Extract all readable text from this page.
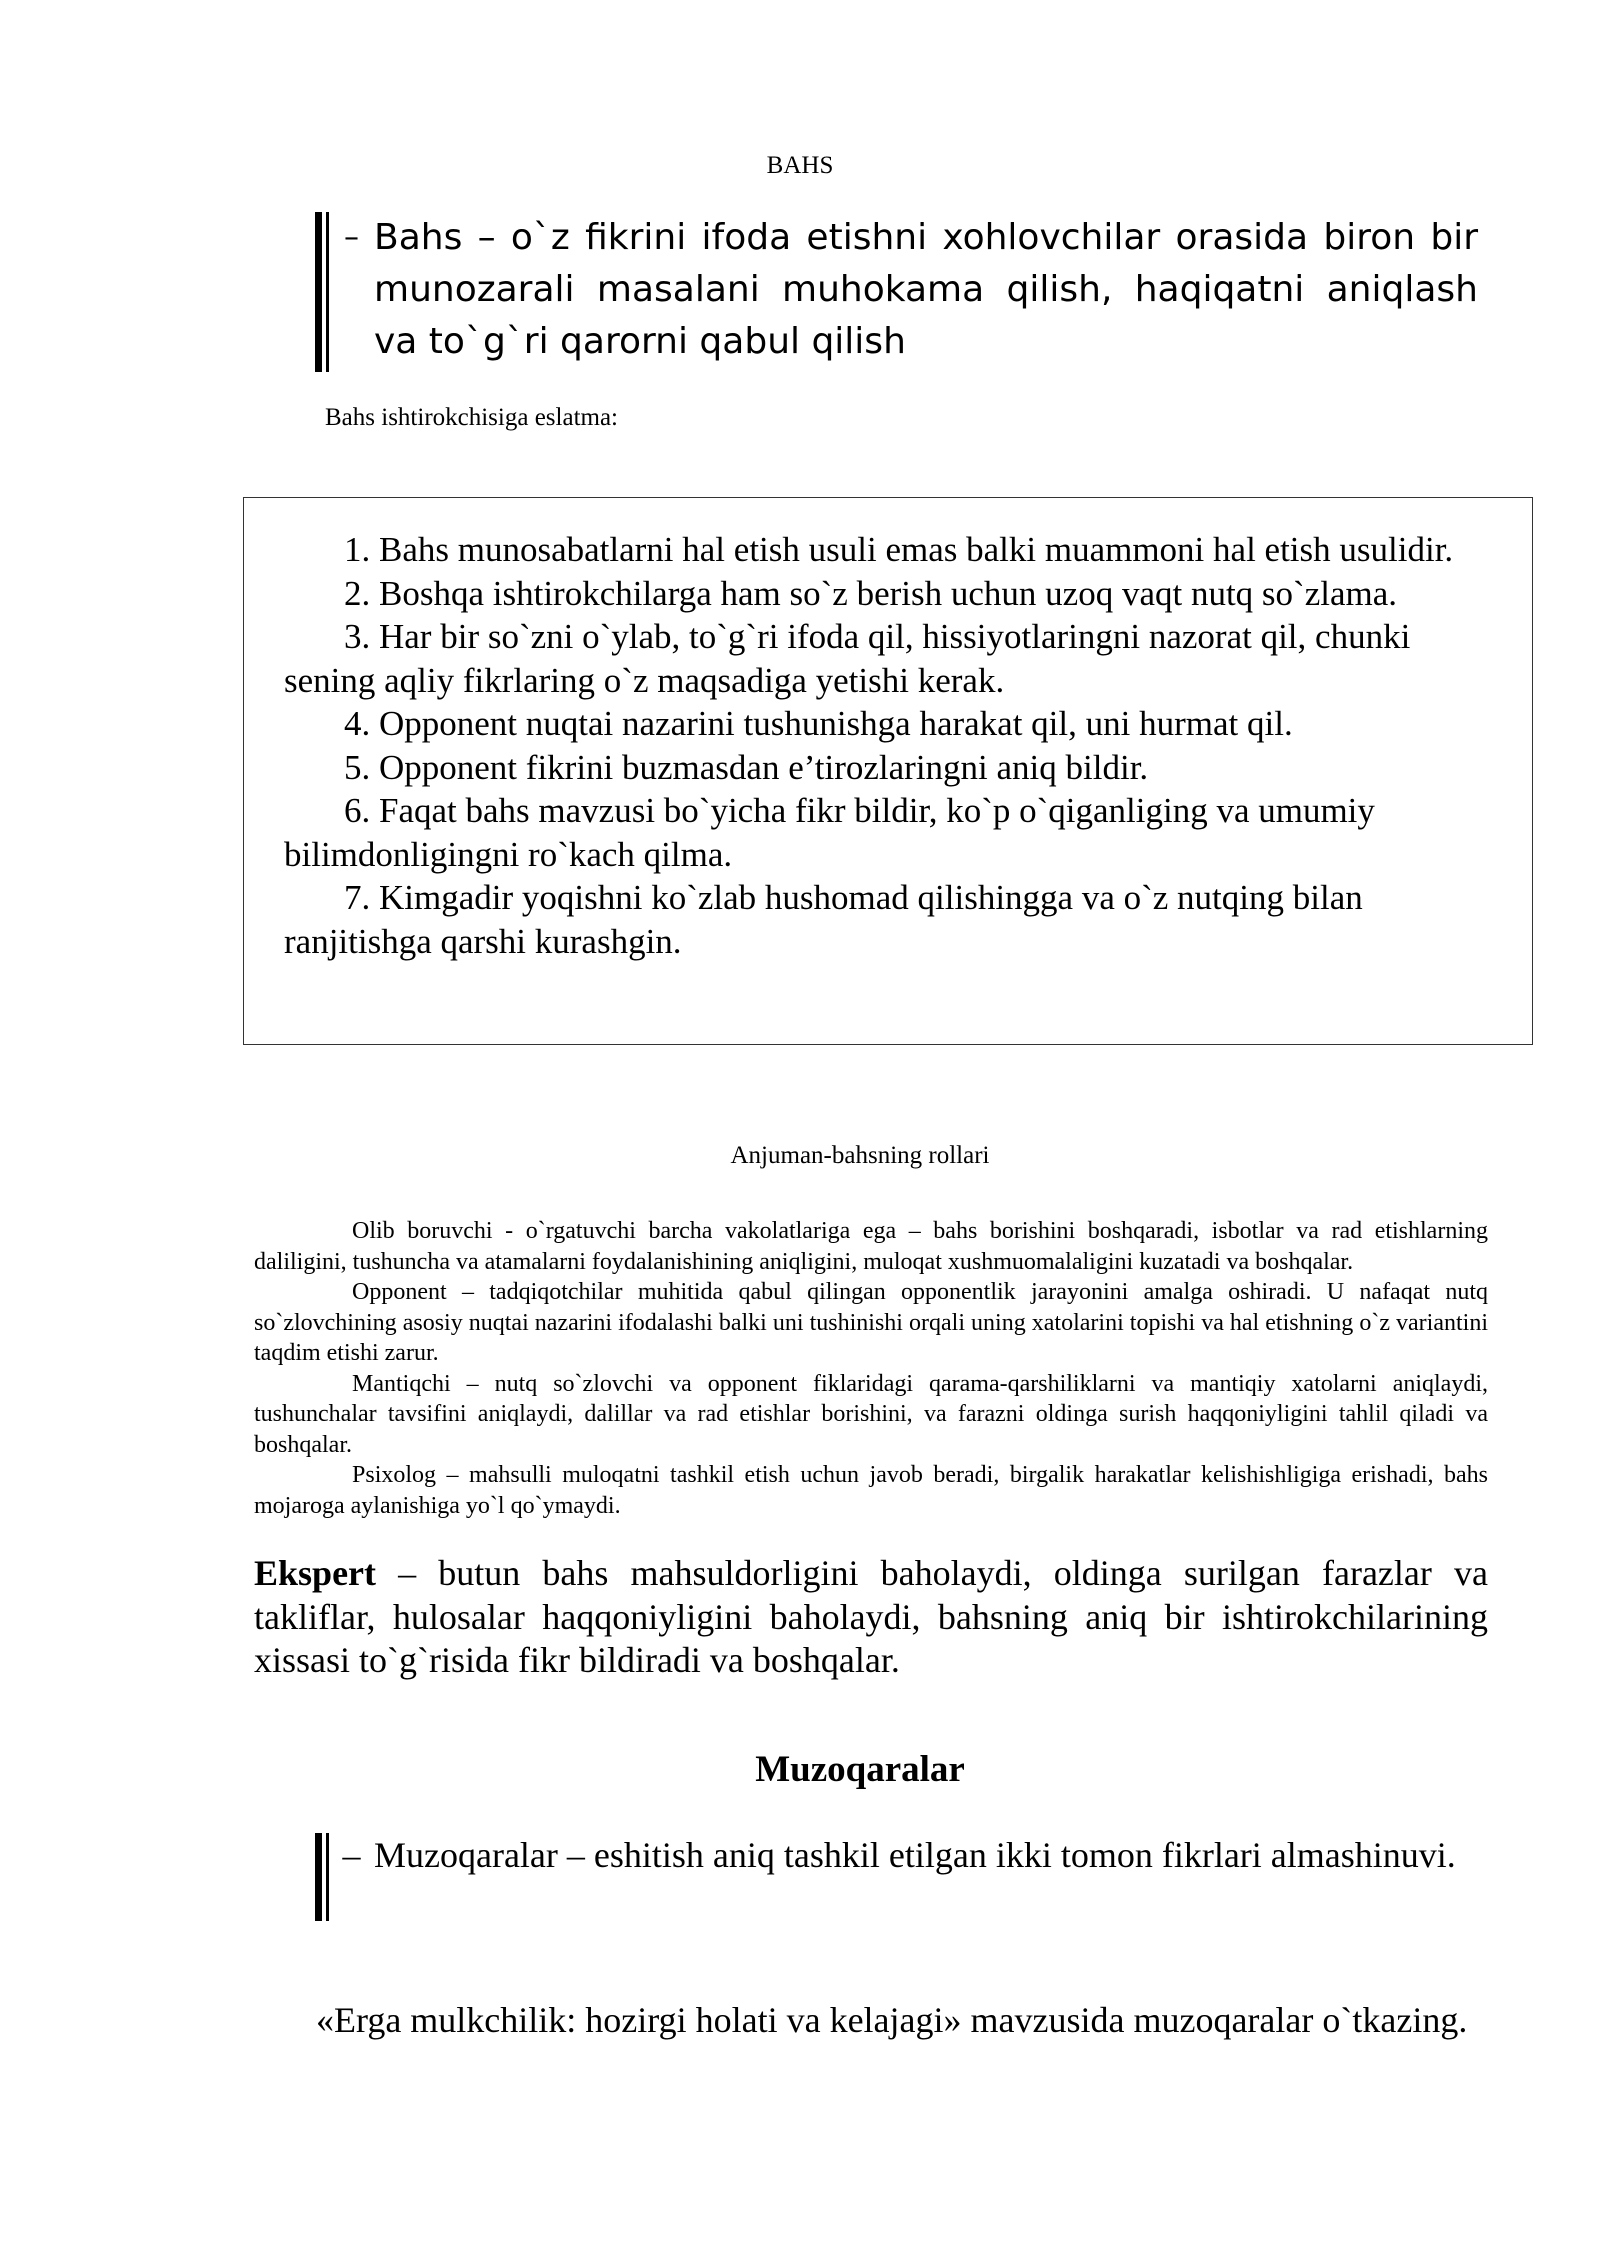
BAHS
– Bahs – o`z fikrini ifoda etishni xohlovchilar orasida biron bir munozarali masalani muhokama qilish, haqiqatni aniqlash va to`g`ri qarorni qabul qilish
Bahs ishtirokchisiga eslatma:

1. Bahs munosabatlarni hal etish usuli emas balki muammoni hal etish usulidir.

2. Boshqa ishtirokchilarga ham so`z berish uchun uzoq vaqt nutq so`zlama.

3. Har bir so`zni o`ylab, to`g`ri ifoda qil, hissiyotlaringni nazorat qil, chunki sening aqliy fikrlaring o`z maqsadiga yetishi kerak.

4. Opponent nuqtai nazarini tushunishga harakat qil, uni hurmat qil.

5. Opponent fikrini buzmasdan e’tirozlaringni aniq bildir.

6. Faqat bahs mavzusi bo`yicha fikr bildir, ko`p o`qiganliging va umumiy bilimdonligingni ro`kach qilma.

7. Kimgadir yoqishni ko`zlab hushomad qilishingga va o`z nutqing bilan ranjitishga qarshi kurashgin.

Anjuman-bahsning rollari

Olib boruvchi - o`rgatuvchi barcha vakolatlariga ega – bahs borishini boshqaradi, isbotlar va rad etishlarning daliligini, tushuncha va atamalarni foydalanishining aniqligini, muloqat xushmuomalaligini kuzatadi va boshqalar.

Opponent – tadqiqotchilar muhitida qabul qilingan opponentlik jarayonini amalga oshiradi. U nafaqat nutq so`zlovchining asosiy nuqtai nazarini ifodalashi balki uni tushinishi orqali uning xatolarini topishi va hal etishning o`z variantini taqdim etishi zarur.

Mantiqchi – nutq so`zlovchi va opponent fiklaridagi qarama-qarshiliklarni va mantiqiy xatolarni aniqlaydi, tushunchalar tavsifini aniqlaydi, dalillar va rad etishlar borishini, va farazni oldinga surish haqqoniyligini tahlil qiladi va boshqalar.

Psixolog – mahsulli muloqatni tashkil etish uchun javob beradi, birgalik harakatlar kelishishligiga erishadi, bahs mojaroga aylanishiga yo`l qo`ymaydi.

Ekspert – butun bahs mahsuldorligini baholaydi, oldinga surilgan farazlar va takliflar, hulosalar haqqoniyligini baholaydi, bahsning aniq bir ishtirokchilarining xissasi to`g`risida fikr bildiradi va boshqalar.

Muzoqaralar
– Muzoqaralar – eshitish aniq tashkil etilgan ikki tomon fikrlari almashinuvi.

«Erga mulkchilik: hozirgi holati va kelajagi» mavzusida muzoqaralar o`tkazing.
